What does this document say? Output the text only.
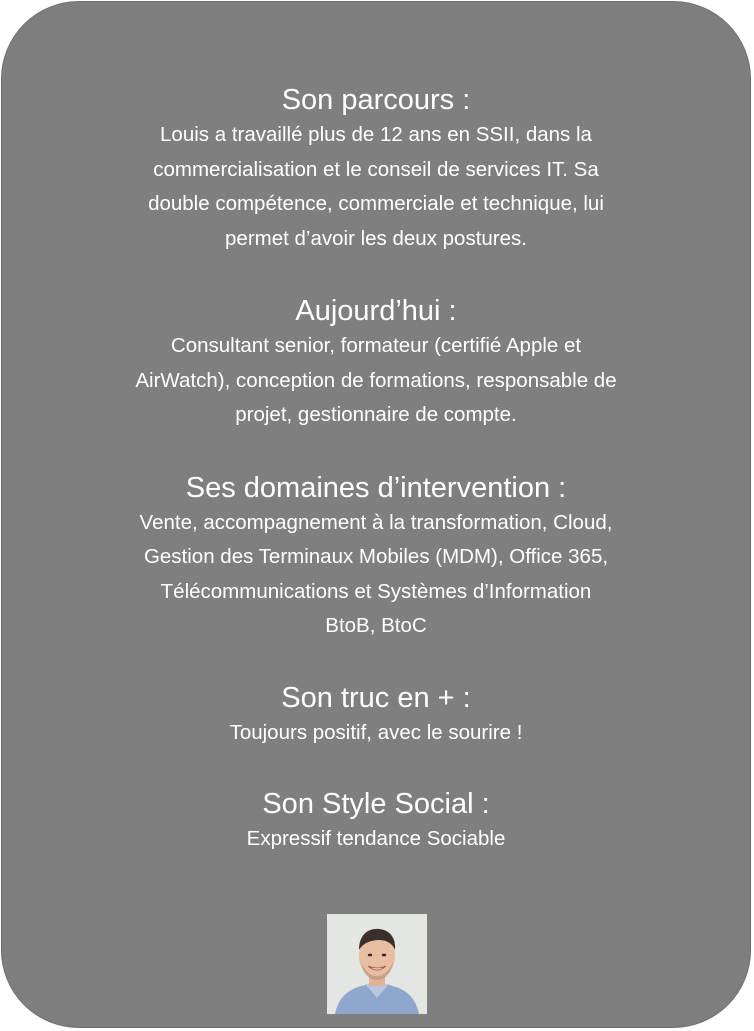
Son parcours :

Louis a travaillé plus de 12 ans en SSII, dans la

commercialisation et le conseil de services IT. Sa

double compétence, commerciale et technique, lui

permet d’avoir les deux postures.

Aujourd’hui :

Consultant senior, formateur (certifié Apple et

AirWatch), conception de formations, responsable de

projet, gestionnaire de compte.

Ses domaines d’intervention :

Vente, accompagnement à la transformation, Cloud,

Gestion des Terminaux Mobiles (MDM), Office 365,

Télécommunications et Systèmes d’Information

BtoB, BtoC

Son truc en + :

Toujours positif, avec le sourire !

Son Style Social :

Expressif tendance Sociable
